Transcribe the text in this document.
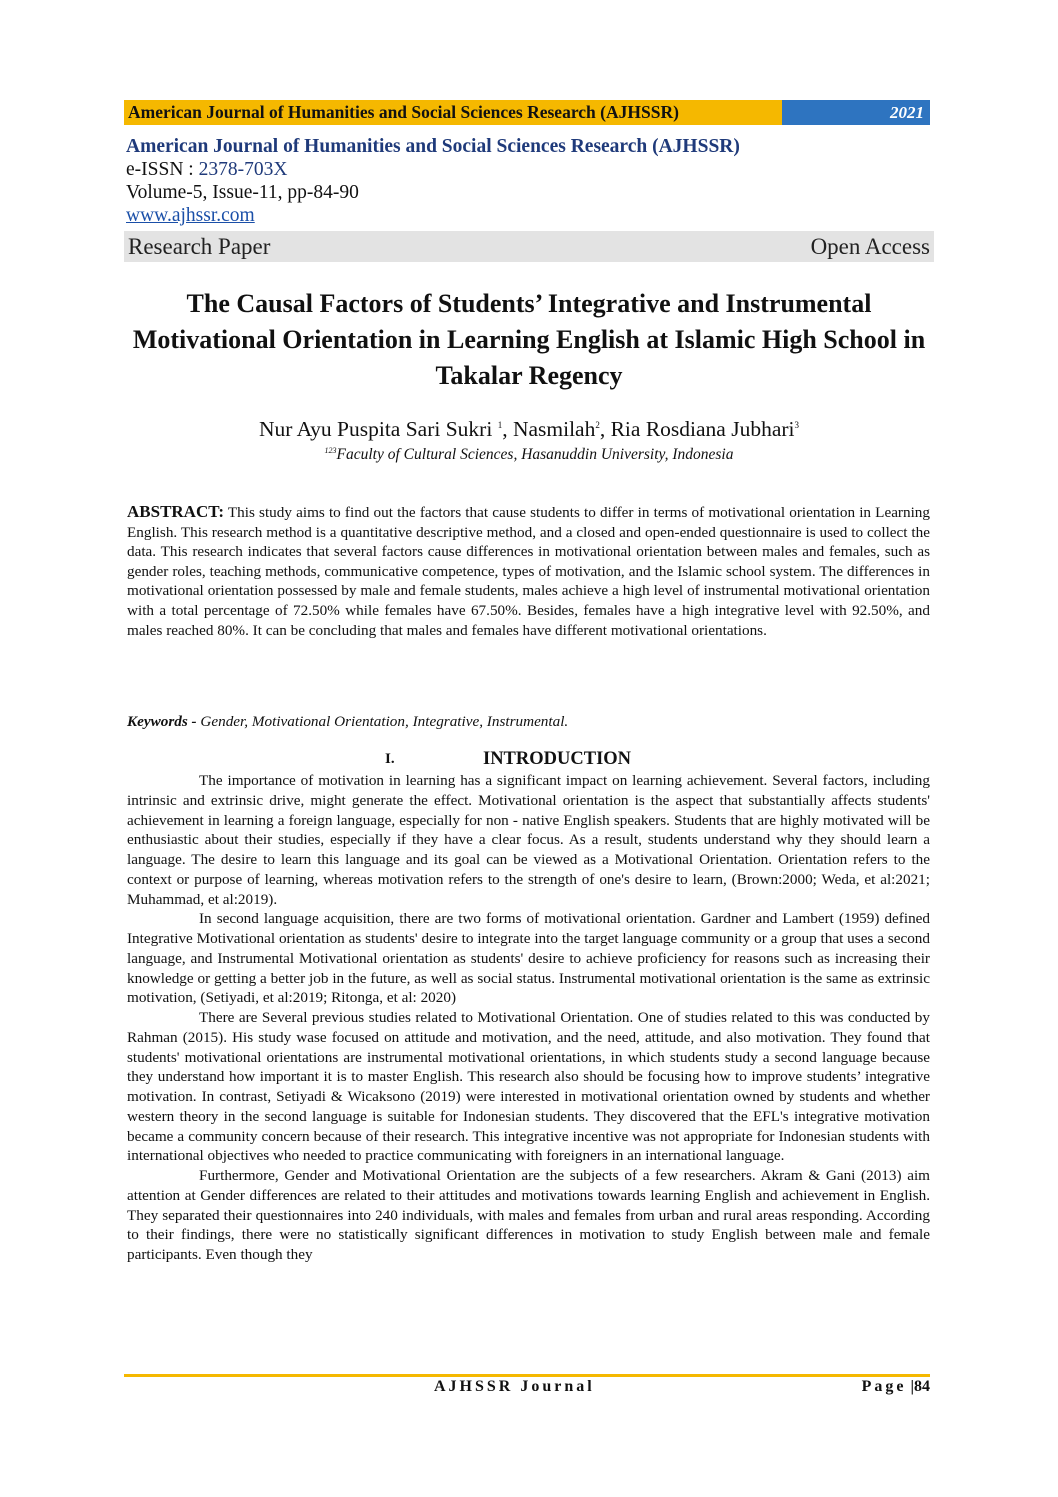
American Journal of Humanities and Social Sciences Research (AJHSSR)	2021
American Journal of Humanities and Social Sciences Research (AJHSSR)
e-ISSN : 2378-703X
Volume-5, Issue-11, pp-84-90
www.ajhssr.com
Research Paper	Open Access
The Causal Factors of Students’ Integrative and Instrumental Motivational Orientation in Learning English at Islamic High School in Takalar Regency
Nur Ayu Puspita Sari Sukri $^1$, Nasmilah$^2$, Ria Rosdiana Jubhari$^3$
$^{123}$Faculty of Cultural Sciences, Hasanuddin University, Indonesia
ABSTRACT: This study aims to find out the factors that cause students to differ in terms of motivational orientation in Learning English. This research method is a quantitative descriptive method, and a closed and open-ended questionnaire is used to collect the data. This research indicates that several factors cause differences in motivational orientation between males and females, such as gender roles, teaching methods, communicative competence, types of motivation, and the Islamic school system. The differences in motivational orientation possessed by male and female students, males achieve a high level of instrumental motivational orientation with a total percentage of 72.50% while females have 67.50%. Besides, females have a high integrative level with 92.50%, and males reached 80%. It can be concluding that males and females have different motivational orientations.
Keywords - Gender, Motivational Orientation, Integrative, Instrumental.
I.	INTRODUCTION

The importance of motivation in learning has a significant impact on learning achievement. Several factors, including intrinsic and extrinsic drive, might generate the effect. Motivational orientation is the aspect that substantially affects students' achievement in learning a foreign language, especially for non - native English speakers. Students that are highly motivated will be enthusiastic about their studies, especially if they have a clear focus. As a result, students understand why they should learn a language. The desire to learn this language and its goal can be viewed as a Motivational Orientation. Orientation refers to the context or purpose of learning, whereas motivation refers to the strength of one's desire to learn, (Brown:2000; Weda, et al:2021; Muhammad, et al:2019).

In second language acquisition, there are two forms of motivational orientation. Gardner and Lambert (1959) defined Integrative Motivational orientation as students' desire to integrate into the target language community or a group that uses a second language, and Instrumental Motivational orientation as students' desire to achieve proficiency for reasons such as increasing their knowledge or getting a better job in the future, as well as social status. Instrumental motivational orientation is the same as extrinsic motivation, (Setiyadi, et al:2019; Ritonga, et al: 2020)

There are Several previous studies related to Motivational Orientation. One of studies related to this was conducted by Rahman (2015). His study wase focused on attitude and motivation, and the need, attitude, and also motivation. They found that students' motivational orientations are instrumental motivational orientations, in which students study a second language because they understand how important it is to master English. This research also should be focusing how to improve students’ integrative motivation. In contrast, Setiyadi & Wicaksono (2019) were interested in motivational orientation owned by students and whether western theory in the second language is suitable for Indonesian students. They discovered that the EFL's integrative motivation became a community concern because of their research. This integrative incentive was not appropriate for Indonesian students with international objectives who needed to practice communicating with foreigners in an international language.

Furthermore, Gender and Motivational Orientation are the subjects of a few researchers. Akram & Gani (2013) aim attention at Gender differences are related to their attitudes and motivations towards learning English and achievement in English. They separated their questionnaires into 240 individuals, with males and females from urban and rural areas responding. According to their findings, there were no statistically significant differences in motivation to study English between male and female participants. Even though they

AJHSSR Journal	Page |84
